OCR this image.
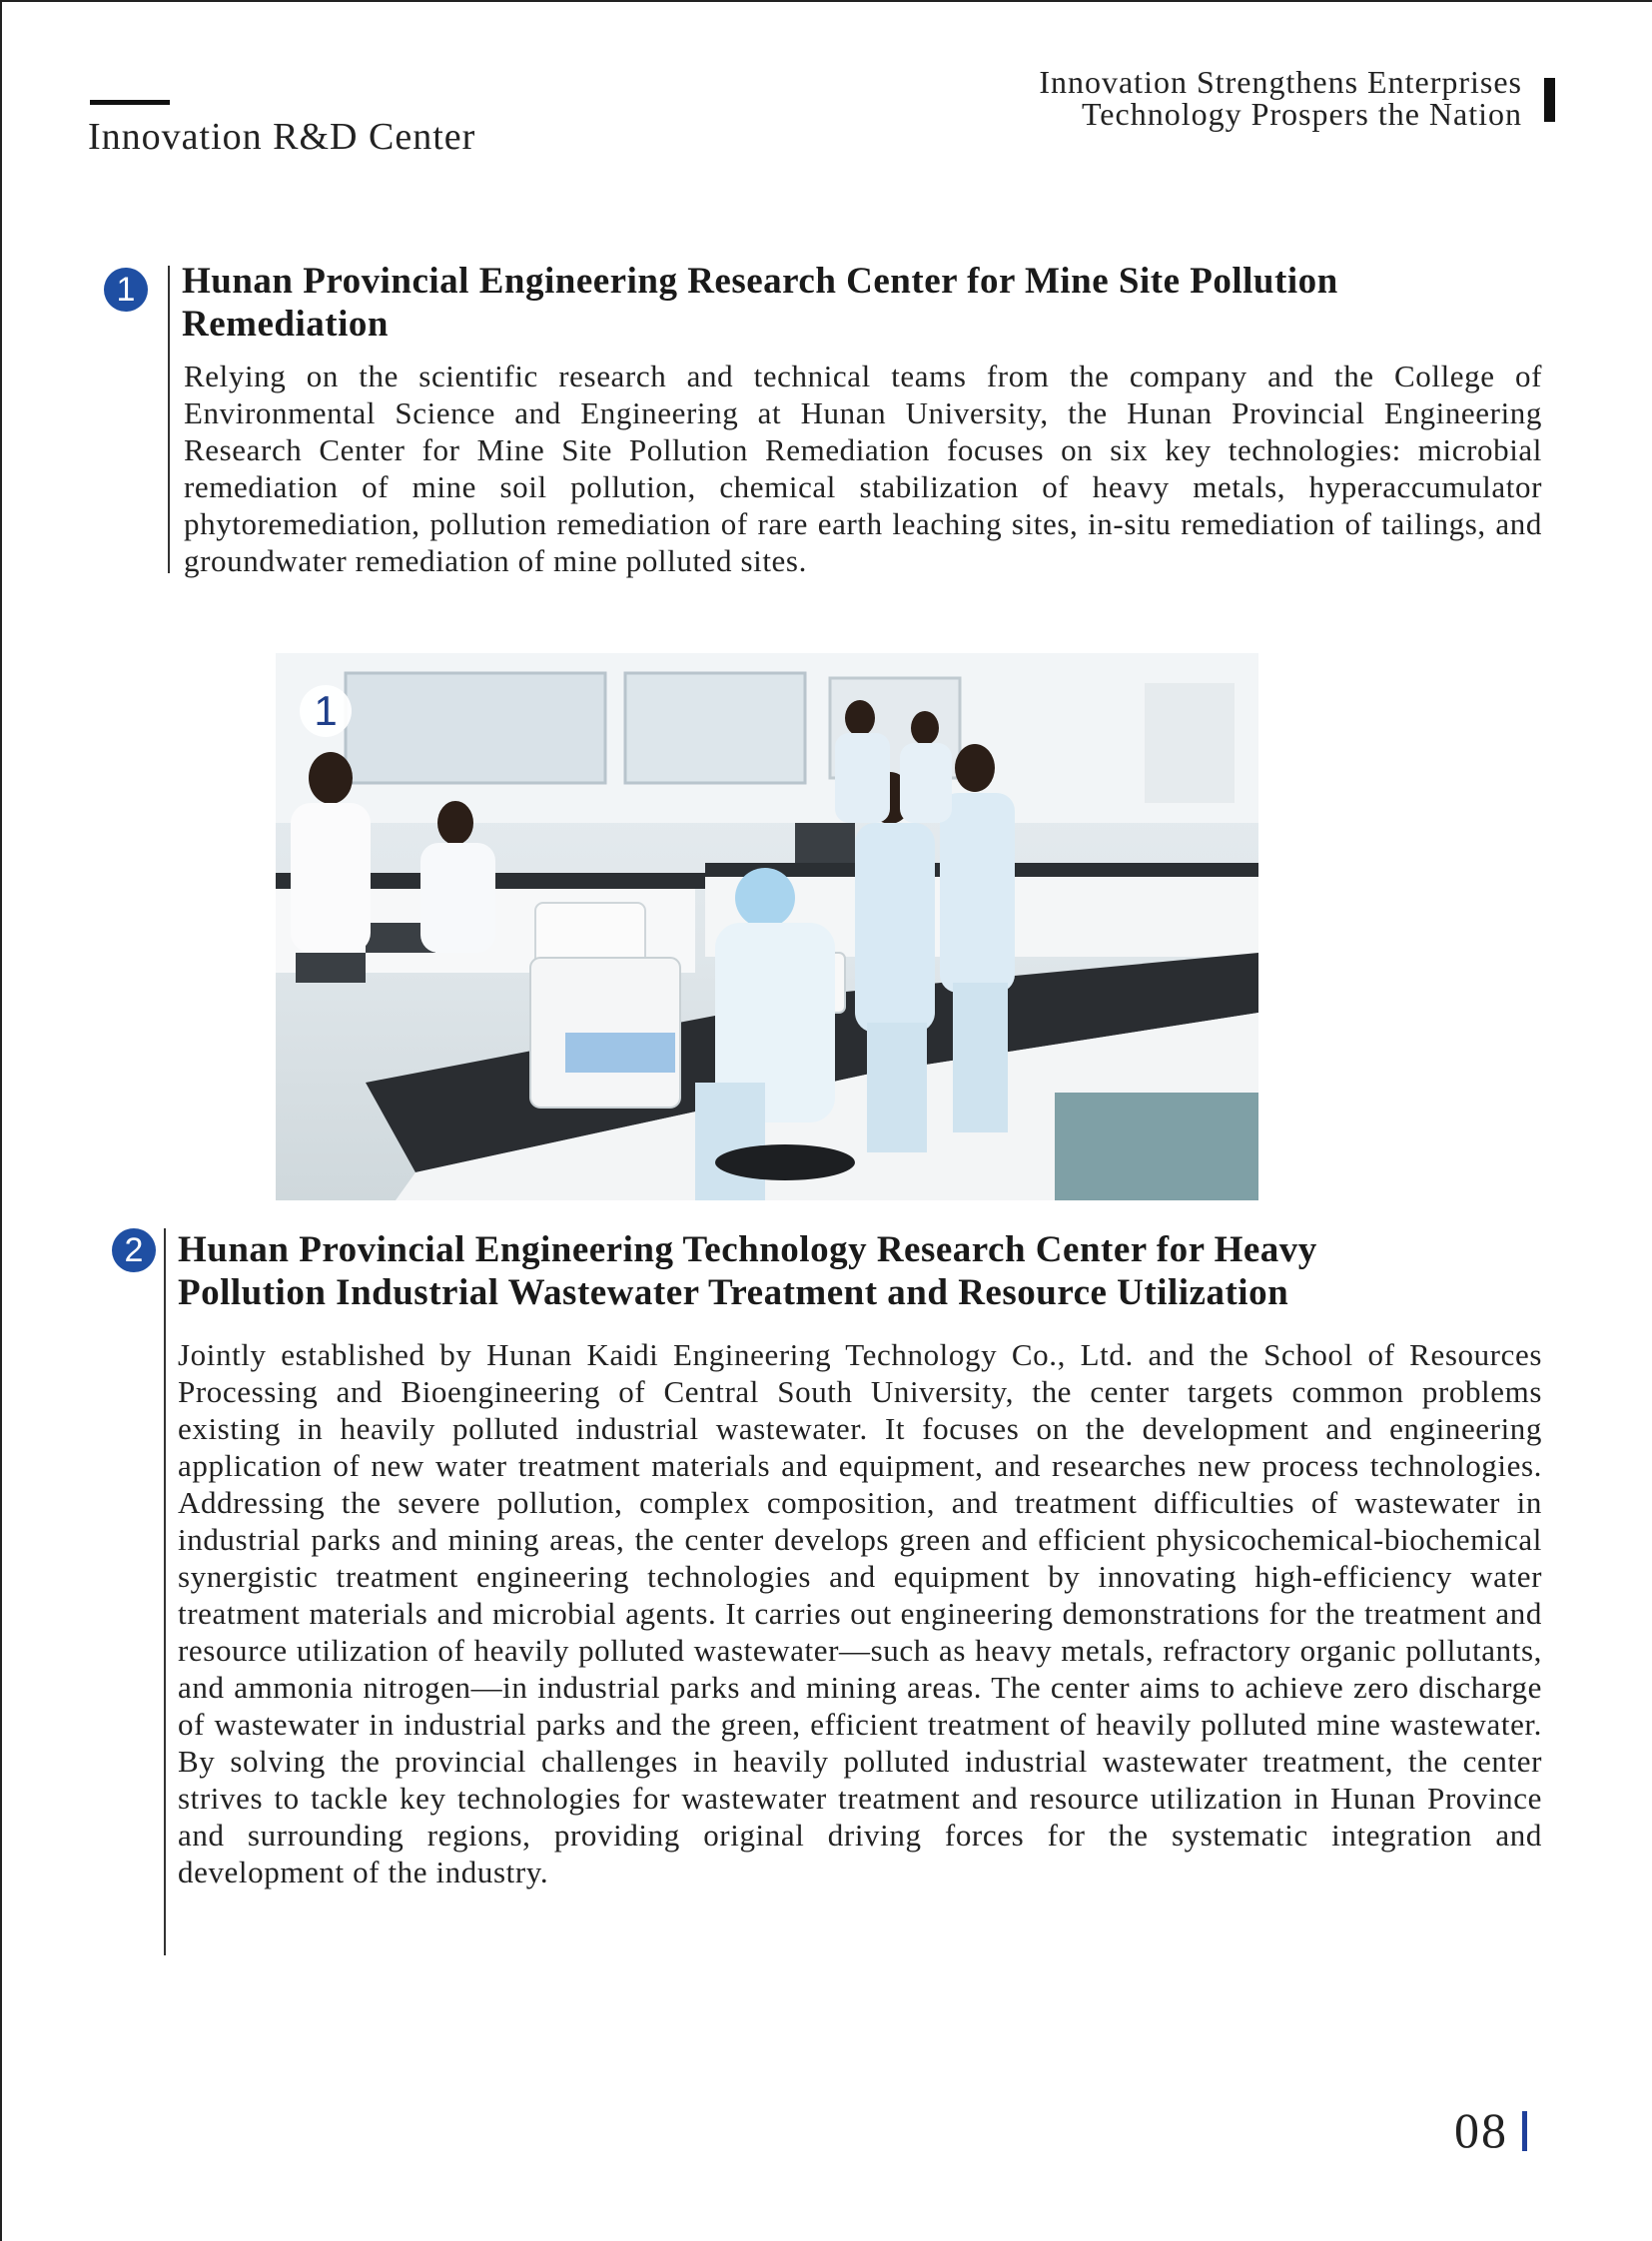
Innovation R&D Center
Innovation Strengthens Enterprises
Technology Prospers the Nation
1	Hunan Provincial Engineering Research Center for Mine Site Pollution
Remediation
Relying on the scientific research and technical teams from the company and the College of Environmental Science and Engineering at Hunan University, the Hunan Provincial Engineering Research Center for Mine Site Pollution Remediation focuses on six key technologies: microbial remediation of mine soil pollution, chemical stabilization of heavy metals, hyperaccumulator phytoremediation, pollution remediation of rare earth leaching sites, in-situ remediation of tailings, and groundwater remediation of mine polluted sites.
1
2 Hunan Provincial Engineering Technology Research Center for Heavy
Pollution Industrial Wastewater Treatment and Resource Utilization
Jointly established by Hunan Kaidi Engineering Technology Co., Ltd. and the School of Resources Processing and Bioengineering of Central South University, the center targets common problems existing in heavily polluted industrial wastewater. It focuses on the development and engineering application of new water treatment materials and equipment, and researches new process technologies. Addressing the severe pollution, complex composition, and treatment difficulties of wastewater in industrial parks and mining areas, the center develops green and efficient physicochemical-biochemical synergistic treatment engineering technologies and equipment by innovating high-efficiency water treatment materials and microbial agents. It carries out engineering demonstrations for the treatment and resource utilization of heavily polluted wastewater—such as heavy metals, refractory organic pollutants, and ammonia nitrogen—in industrial parks and mining areas. The center aims to achieve zero discharge of wastewater in industrial parks and the green, efficient treatment of heavily polluted mine wastewater. By solving the provincial challenges in heavily polluted industrial wastewater treatment, the center strives to tackle key technologies for wastewater treatment and resource utilization in Hunan Province and surrounding regions, providing original driving forces for the systematic integration and development of the industry.
08
